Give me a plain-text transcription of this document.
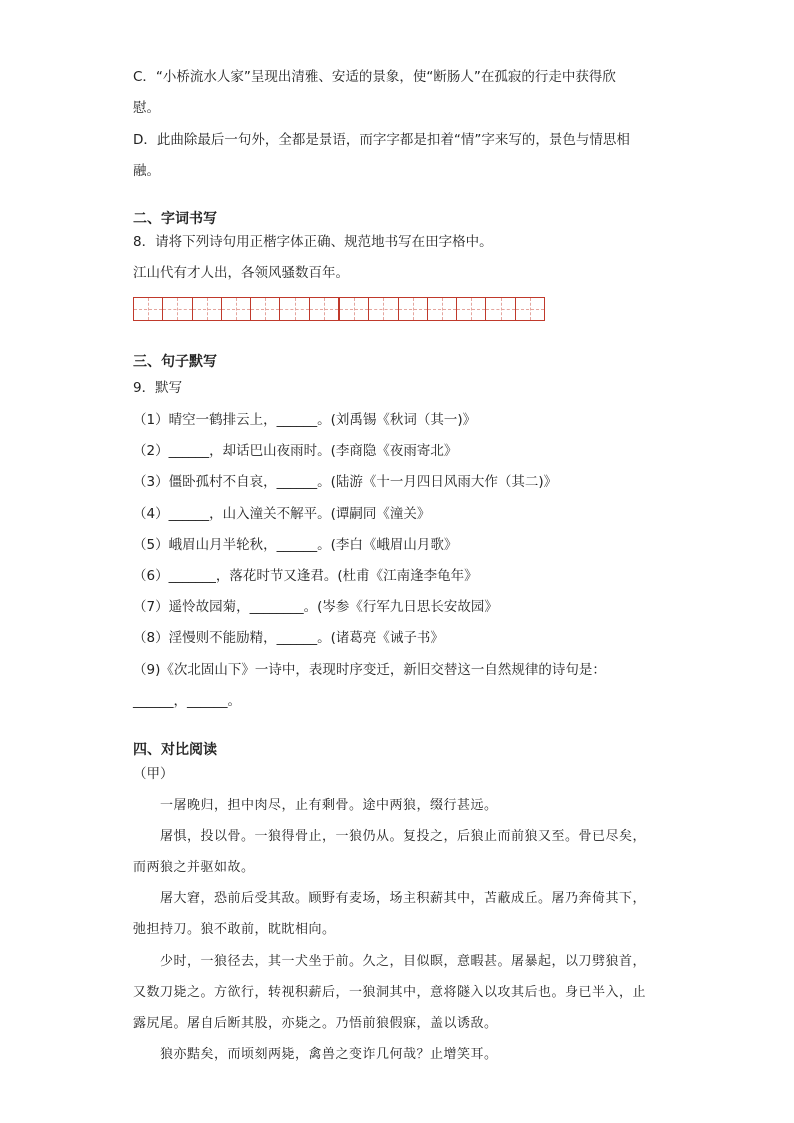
C．“小桥流水人家”呈现出清雅、安适的景象，使“断肠人”在孤寂的行走中获得欣
慰。
D．此曲除最后一句外，全都是景语，而字字都是扣着“情”字来写的，景色与情思相
融。
二、字词书写
8．请将下列诗句用正楷字体正确、规范地书写在田字格中。
江山代有才人出，各领风骚数百年。
三、句子默写
9．默写
（1）晴空一鹤排云上，______。(刘禹锡《秋词（其一)》
（2）______，却话巴山夜雨时。(李商隐《夜雨寄北》
（3）僵卧孤村不自哀，______。(陆游《十一月四日风雨大作（其二)》
（4）______，山入潼关不解平。(谭嗣同《潼关》
（5）峨眉山月半轮秋，______。(李白《峨眉山月歌》
（6）_______，落花时节又逢君。(杜甫《江南逢李龟年》
（7）遥怜故园菊，________。(岑参《行军九日思长安故园》
（8）淫慢则不能励精，______。(诸葛亮《诫子书》
（9)《次北固山下》一诗中，表现时序变迁，新旧交替这一自然规律的诗句是：
______，______。
四、对比阅读
（甲）
一屠晚归，担中肉尽，止有剩骨。途中两狼，缀行甚远。
屠惧，投以骨。一狼得骨止，一狼仍从。复投之，后狼止而前狼又至。骨已尽矣，
而两狼之并驱如故。
屠大窘，恐前后受其敌。顾野有麦场，场主积薪其中，苫蔽成丘。屠乃奔倚其下，
弛担持刀。狼不敢前，眈眈相向。
少时，一狼径去，其一犬坐于前。久之，目似瞑，意暇甚。屠暴起，以刀劈狼首，
又数刀毙之。方欲行，转视积薪后，一狼洞其中，意将隧入以攻其后也。身已半入，止
露尻尾。屠自后断其股，亦毙之。乃悟前狼假寐，盖以诱敌。
狼亦黠矣，而顷刻两毙，禽兽之变诈几何哉？止增笑耳。
